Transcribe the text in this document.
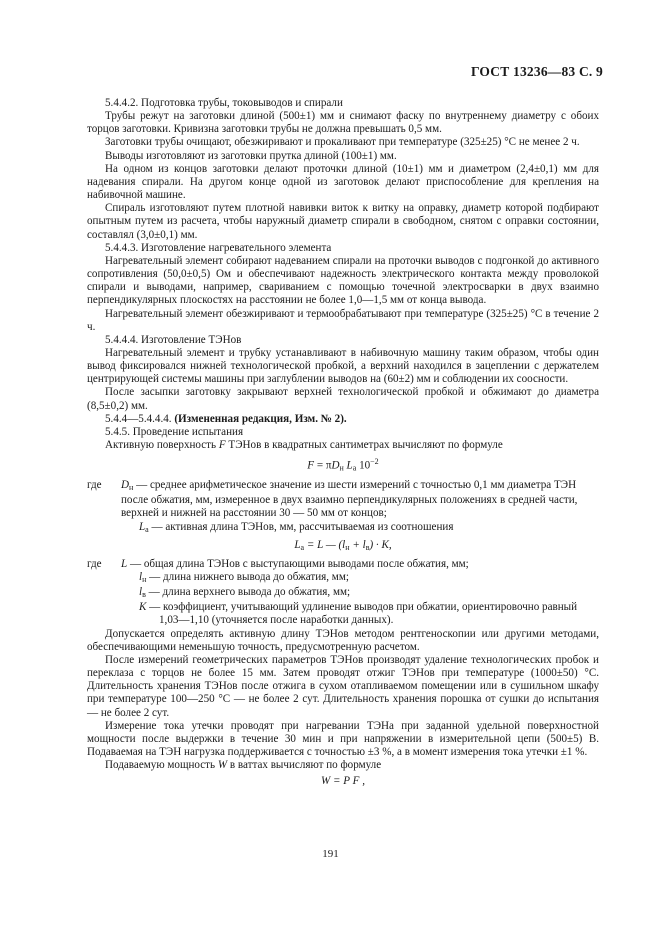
ГОСТ 13236—83 С. 9

5.4.4.2. Подготовка трубы, токовыводов и спирали

Трубы режут на заготовки длиной (500±1) мм и снимают фаску по внутреннему диаметру с обоих торцов заготовки. Кривизна заготовки трубы не должна превышать 0,5 мм.

Заготовки трубы очищают, обезжиривают и прокаливают при температуре (325±25) °С не менее 2 ч.

Выводы изготовляют из заготовки прутка длиной (100±1) мм.

На одном из концов заготовки делают проточки длиной (10±1) мм и диаметром (2,4±0,1) мм для надевания спирали. На другом конце одной из заготовок делают приспособление для крепления на набивочной машине.

Спираль изготовляют путем плотной навивки виток к витку на оправку, диаметр которой подбирают опытным путем из расчета, чтобы наружный диаметр спирали в свободном, снятом с оправки состоянии, составлял (3,0±0,1) мм.

5.4.4.3. Изготовление нагревательного элемента

Нагревательный элемент собирают надеванием спирали на проточки выводов с подгонкой до активного сопротивления (50,0±0,5) Ом и обеспечивают надежность электрического контакта между проволокой спирали и выводами, например, свариванием с помощью точечной электросварки в двух взаимно перпендикулярных плоскостях на расстоянии не более 1,0—1,5 мм от конца вывода.

Нагревательный элемент обезжиривают и термообрабатывают при температуре (325±25) °С в течение 2 ч.

5.4.4.4. Изготовление ТЭНов

Нагревательный элемент и трубку устанавливают в набивочную машину таким образом, чтобы один вывод фиксировался нижней технологической пробкой, а верхний находился в зацеплении с держателем центрирующей системы машины при заглублении выводов на (60±2) мм и соблюдении их соосности.

После засыпки заготовку закрывают верхней технологической пробкой и обжимают до диаметра (8,5±0,2) мм.

5.4.4—5.4.4.4. (Измененная редакция, Изм. № 2).

5.4.5. Проведение испытания

Активную поверхность F ТЭНов в квадратных сантиметрах вычисляют по формуле

$F = \pi D_н$ $L_а$ $10^{-2}$
где	$D_н$ — среднее арифметическое значение из шести измерений с точностью 0,1 мм диаметра ТЭН после обжатия, мм, измеренное в двух взаимно перпендикулярных положениях в средней части, верхней и нижней на расстоянии 30 — 50 мм от концов;

$L_а$ — активная длина ТЭНов, мм, рассчитываемая из соотношения

$L_а = L$ — $(l_н + l_в) \cdot K$,
где	L — общая длина ТЭНов с выступающими выводами после обжатия, мм;

$l_н$ — длина нижнего вывода до обжатия, мм;

$l_в$ — длина верхнего вывода до обжатия, мм;

K — коэффициент, учитывающий удлинение выводов при обжатии, ориентировочно равный
1,03—1,10 (уточняется после наработки данных).

Допускается определять активную длину ТЭНов методом рентгеноскопии или другими методами, обеспечивающими неменьшую точность, предусмотренную расчетом.

После измерений геометрических параметров ТЭНов производят удаление технологических пробок и переклаза с торцов не более 15 мм. Затем проводят отжиг ТЭНов при температуре (1000±50) °С. Длительность хранения ТЭНов после отжига в сухом отапливаемом помещении или в сушильном шкафу при температуре 100—250 °С — не более 2 сут. Длительность хранения порошка от сушки до испытания — не более 2 сут.

Измерение тока утечки проводят при нагревании ТЭНа при заданной удельной поверхностной мощности после выдержки в течение 30 мин и при напряжении в измерительной цепи (500±5) В. Подаваемая на ТЭН нагрузка поддерживается с точностью ±3 %, а в момент измерения тока утечки ±1 %.

Подаваемую мощность W в ваттах вычисляют по формуле

W = P F ,
191
